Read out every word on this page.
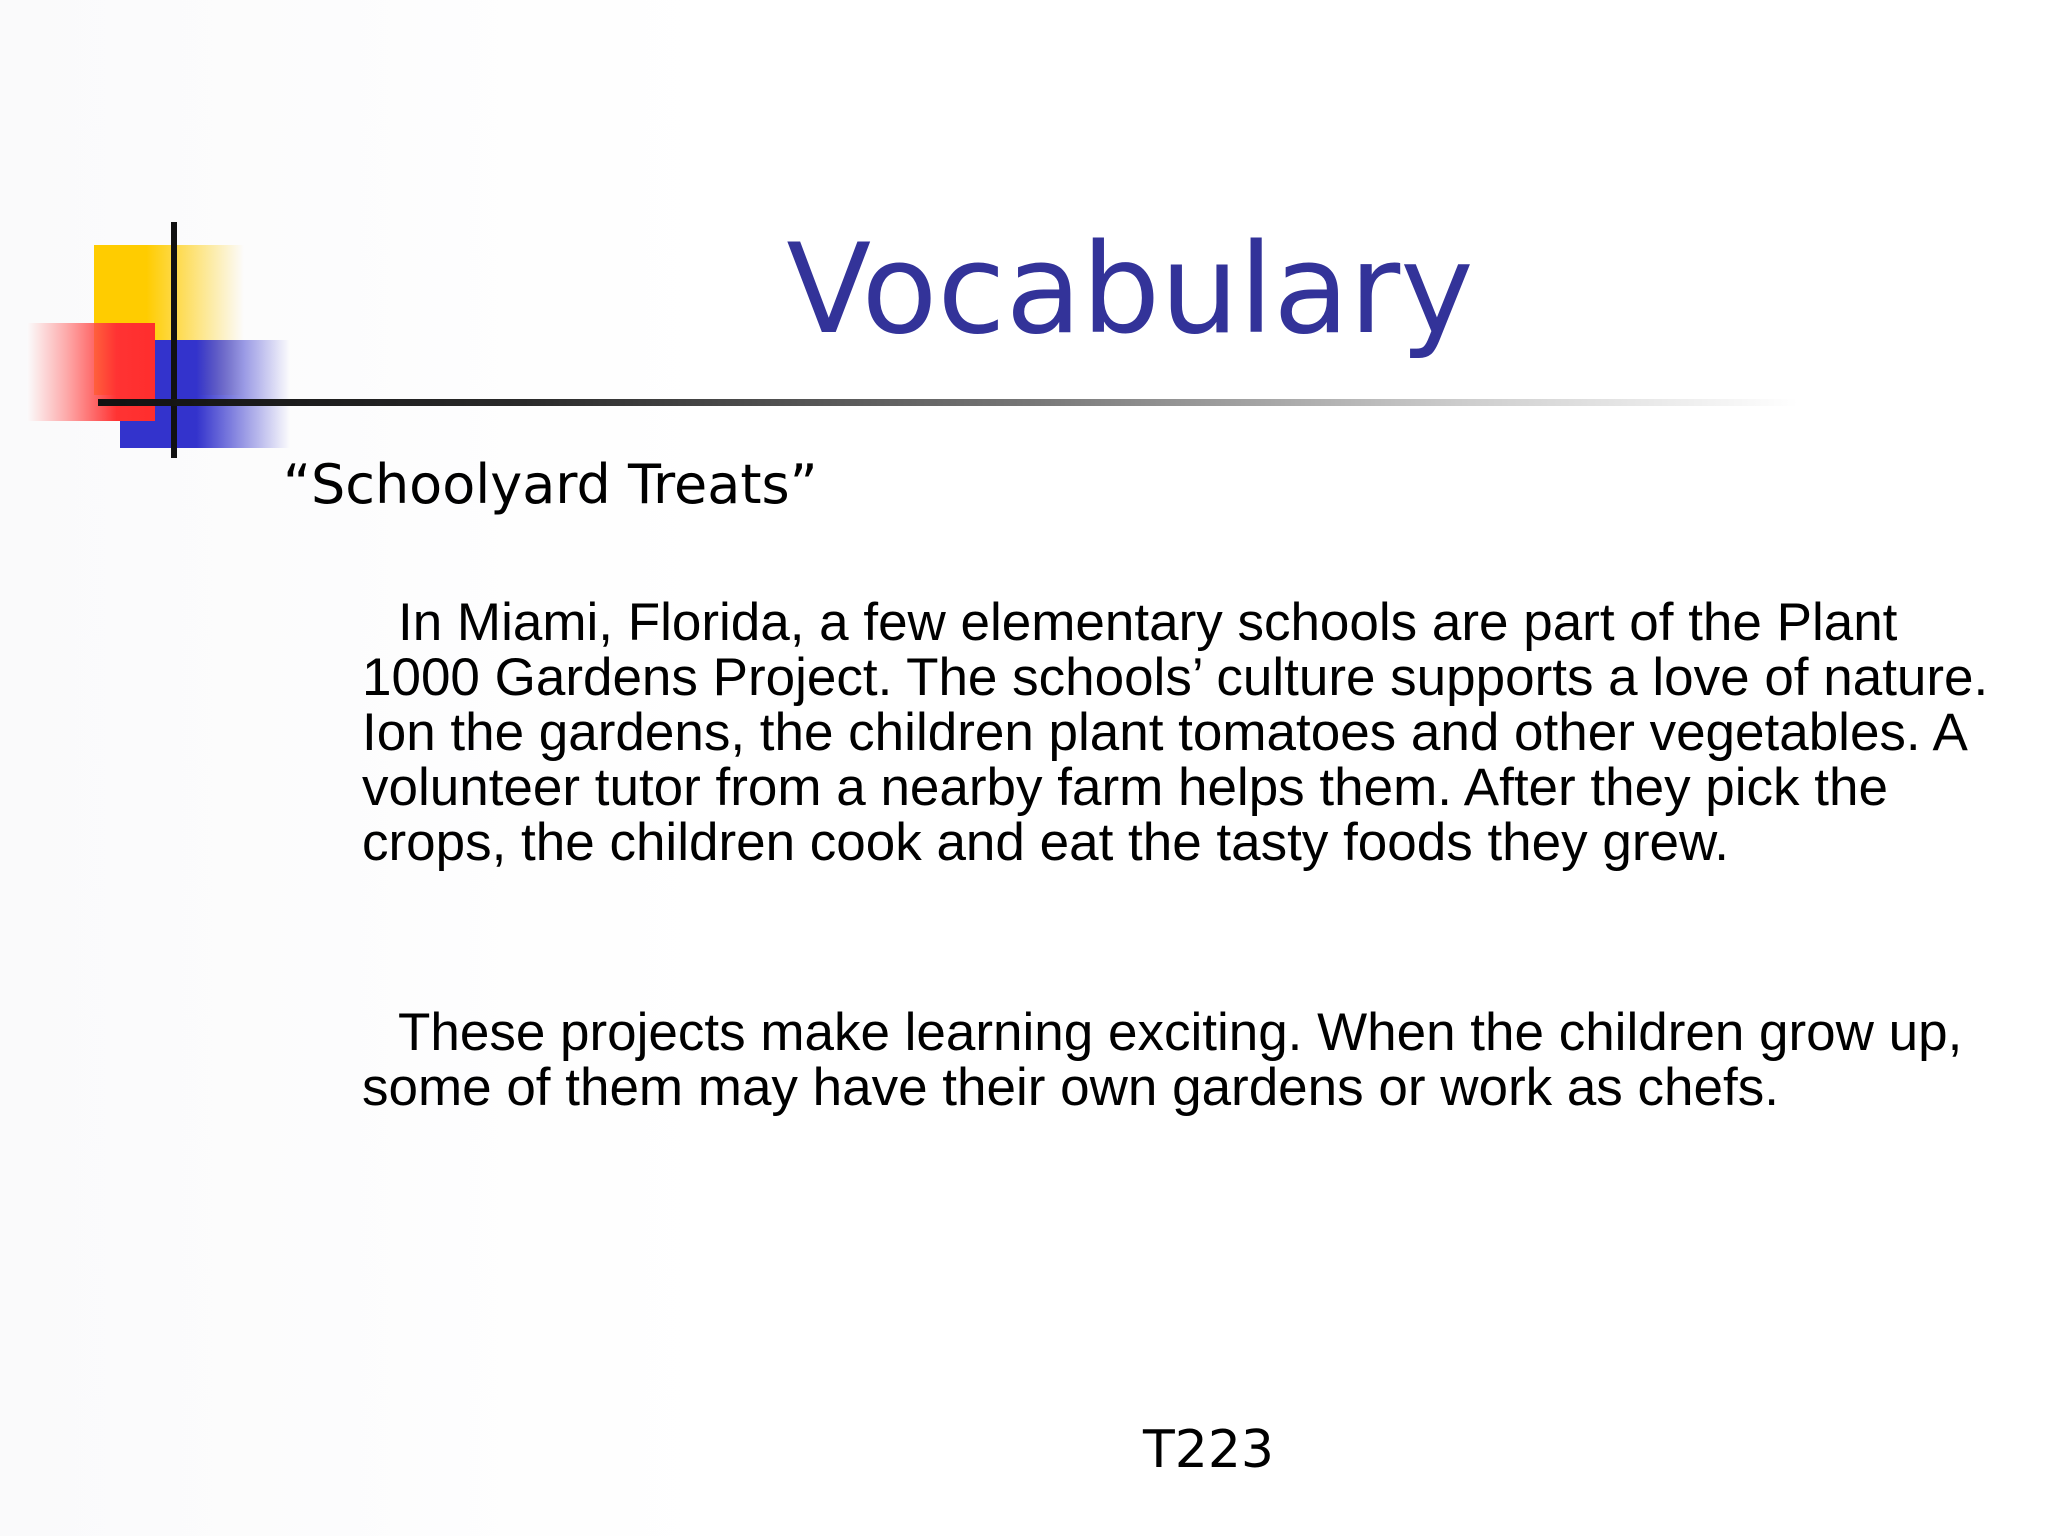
Vocabulary
“Schoolyard Treats”

In Miami, Florida, a few elementary schools are part of the Plant 1000 Gardens Project. The schools’ culture supports a love of nature. Ion the gardens, the children plant tomatoes and other vegetables. A volunteer tutor from a nearby farm helps them. After they pick the crops, the children cook and eat the tasty foods they grew.

These projects make learning exciting. When the children grow up, some of them may have their own gardens or work as chefs.

T223
